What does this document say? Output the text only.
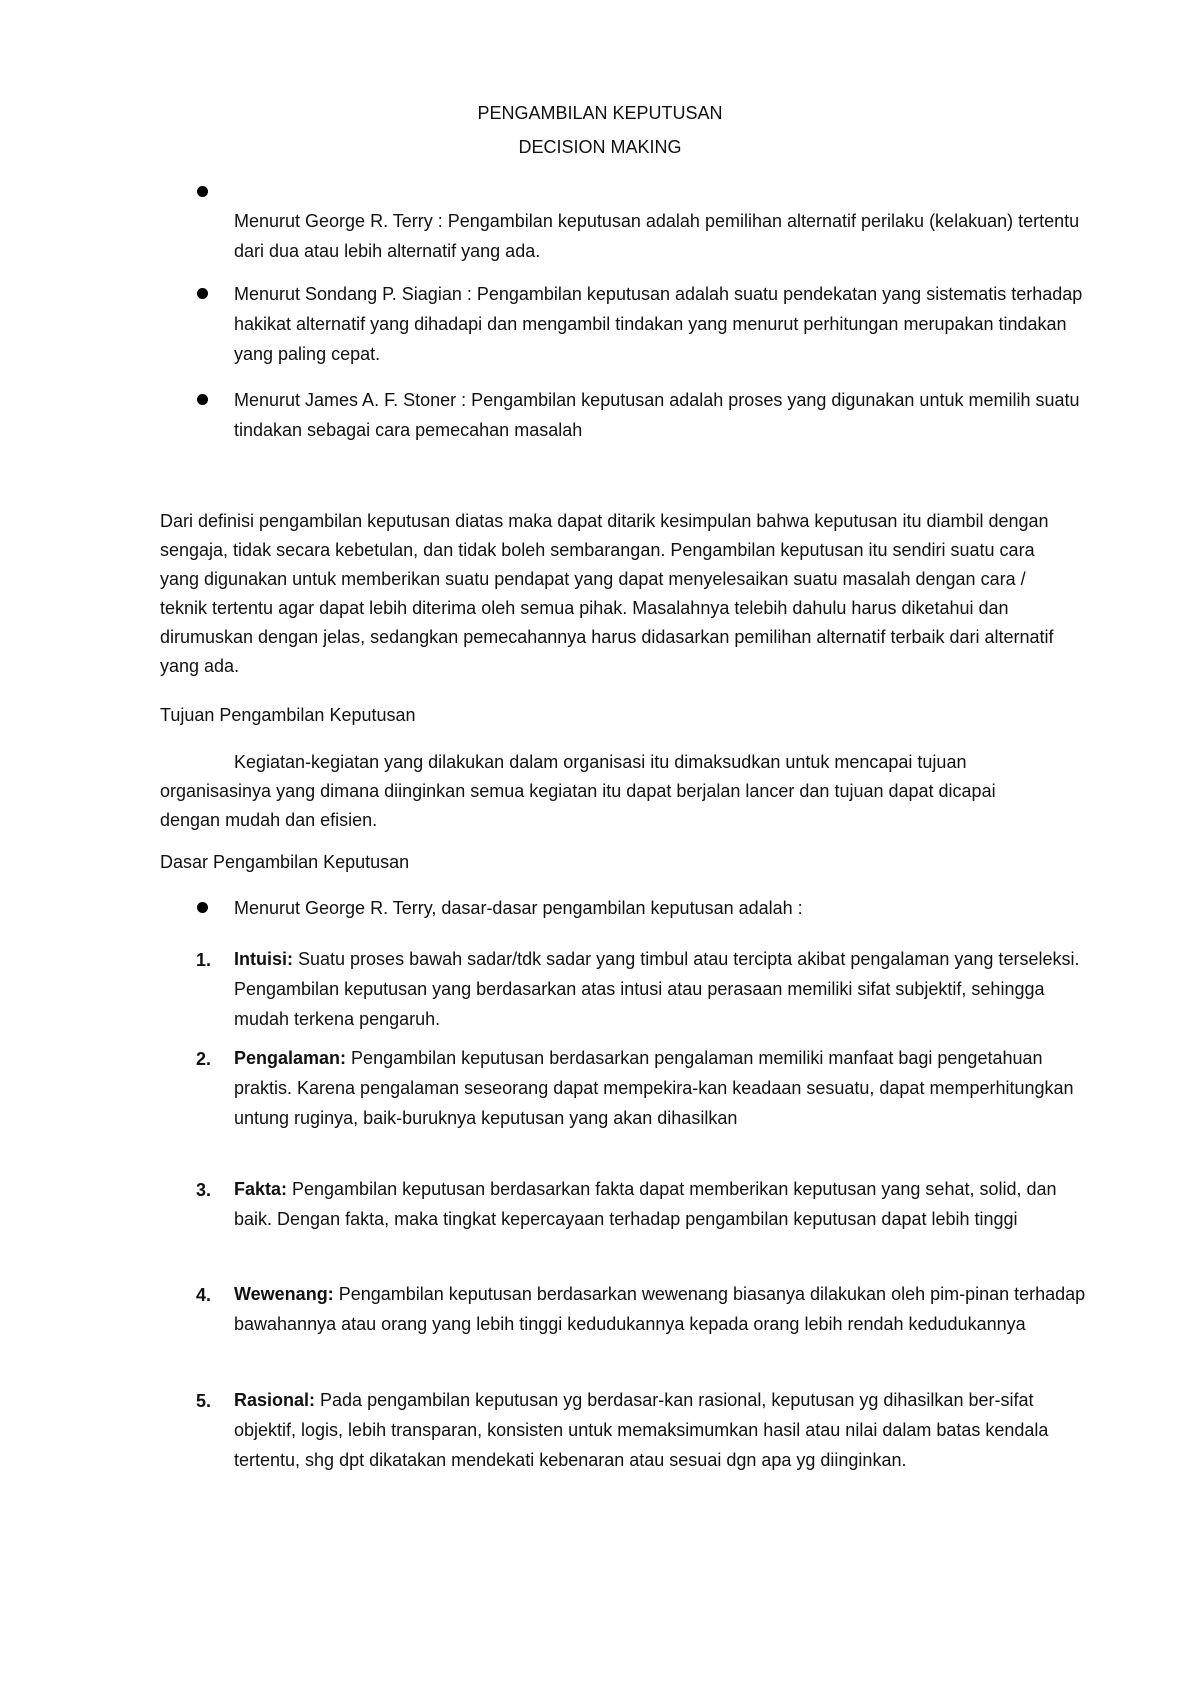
PENGAMBILAN KEPUTUSAN
DECISION MAKING
Menurut George R. Terry : Pengambilan keputusan adalah pemilihan alternatif perilaku (kelakuan) tertentu dari dua atau lebih alternatif yang ada.
Menurut Sondang P. Siagian : Pengambilan keputusan adalah suatu pendekatan yang sistematis terhadap hakikat alternatif yang dihadapi dan mengambil tindakan yang menurut perhitungan merupakan tindakan yang paling cepat.
Menurut James A. F. Stoner : Pengambilan keputusan adalah proses yang digunakan untuk memilih suatu tindakan sebagai cara pemecahan masalah
Dari definisi pengambilan keputusan diatas maka dapat ditarik kesimpulan bahwa keputusan itu diambil dengan sengaja, tidak secara kebetulan, dan tidak boleh sembarangan. Pengambilan keputusan itu sendiri suatu cara yang digunakan untuk memberikan suatu pendapat yang dapat menyelesaikan suatu masalah dengan cara / teknik tertentu agar dapat lebih diterima oleh semua pihak. Masalahnya telebih dahulu harus diketahui dan dirumuskan dengan jelas, sedangkan pemecahannya harus didasarkan pemilihan alternatif terbaik dari alternatif yang ada.
Tujuan Pengambilan Keputusan
Kegiatan-kegiatan yang dilakukan dalam organisasi itu dimaksudkan untuk mencapai tujuan organisasinya yang dimana diinginkan semua kegiatan itu dapat berjalan lancer dan tujuan dapat dicapai dengan mudah dan efisien.
Dasar Pengambilan Keputusan
Menurut George R. Terry, dasar-dasar pengambilan keputusan adalah :
1. Intuisi: Suatu proses bawah sadar/tdk sadar yang timbul atau tercipta akibat pengalaman yang terseleksi. Pengambilan keputusan yang berdasarkan atas intusi atau perasaan memiliki sifat subjektif, sehingga mudah terkena pengaruh.
2. Pengalaman: Pengambilan keputusan berdasarkan pengalaman memiliki manfaat bagi pengetahuan praktis. Karena pengalaman seseorang dapat mempekira-kan keadaan sesuatu, dapat memperhitungkan untung ruginya, baik-buruknya keputusan yang akan dihasilkan
3. Fakta: Pengambilan keputusan berdasarkan fakta dapat memberikan keputusan yang sehat, solid, dan baik. Dengan fakta, maka tingkat kepercayaan terhadap pengambilan keputusan dapat lebih tinggi
4. Wewenang: Pengambilan keputusan berdasarkan wewenang biasanya dilakukan oleh pim-pinan terhadap bawahannya atau orang yang lebih tinggi kedudukannya kepada orang lebih rendah kedudukannya
5. Rasional: Pada pengambilan keputusan yg berdasar-kan rasional, keputusan yg dihasilkan ber-sifat objektif, logis, lebih transparan, konsisten untuk memaksimumkan hasil atau nilai dalam batas kendala tertentu, shg dpt dikatakan mendekati kebenaran atau sesuai dgn apa yg diinginkan.
